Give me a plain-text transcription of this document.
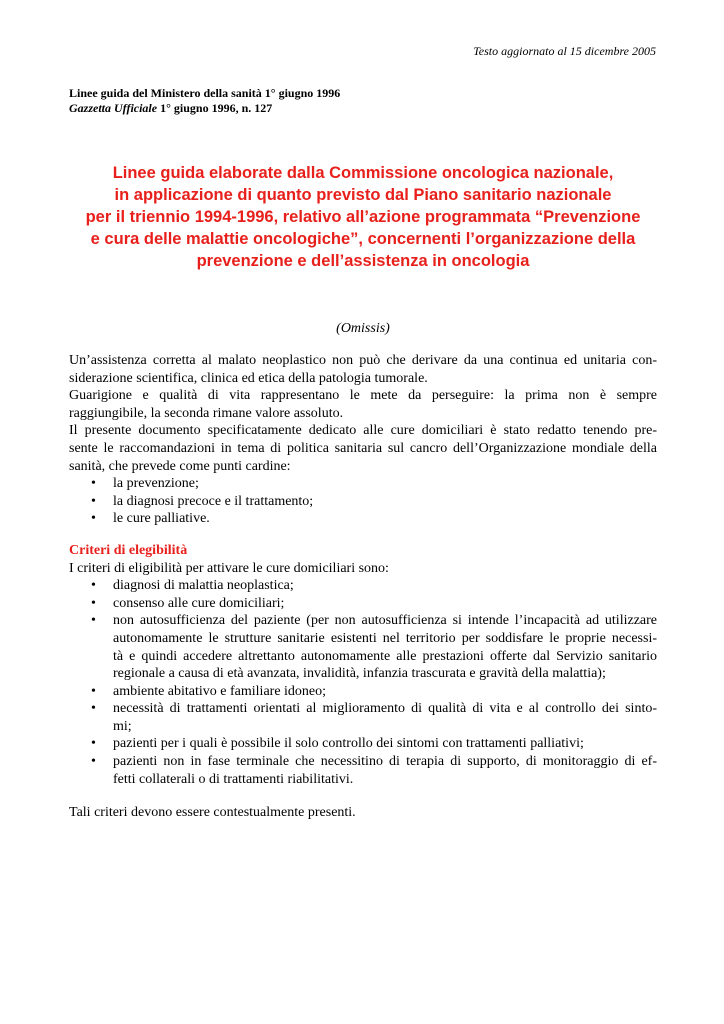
Testo aggiornato al 15 dicembre 2005
Linee guida del Ministero della sanità 1° giugno 1996
Gazzetta Ufficiale 1° giugno 1996, n. 127
Linee guida elaborate dalla Commissione oncologica nazionale,
in applicazione di quanto previsto dal Piano sanitario nazionale
per il triennio 1994-1996, relativo all’azione programmata “Prevenzione
e cura delle malattie oncologiche”, concernenti l’organizzazione della
prevenzione e dell’assistenza in oncologia
(Omissis)

Un’assistenza corretta al malato neoplastico non può che derivare da una continua ed unitaria con-
siderazione scientifica, clinica ed etica della patologia tumorale.

Guarigione e qualità di vita rappresentano le mete da perseguire: la prima non è sempre
raggiungibile, la seconda rimane valore assoluto.

Il presente documento specificatamente dedicato alle cure domiciliari è stato redatto tenendo pre-
sente le raccomandazioni in tema di politica sanitaria sul cancro dell’Organizzazione mondiale della
sanità, che prevede come punti cardine:

• la prevenzione;
• la diagnosi precoce e il trattamento;
• le cure palliative.
Criteri di elegibilità
I criteri di eligibilità per attivare le cure domiciliari sono:
• diagnosi di malattia neoplastica;
• consenso alle cure domiciliari;
• non autosufficienza del paziente (per non autosufficienza si intende l’incapacità ad utilizzare
autonomamente le strutture sanitarie esistenti nel territorio per soddisfare le proprie necessi-
tà e quindi accedere altrettanto autonomamente alle prestazioni offerte dal Servizio sanitario
regionale a causa di età avanzata, invalidità, infanzia trascurata e gravità della malattia);
• ambiente abitativo e familiare idoneo;
• necessità di trattamenti orientati al miglioramento di qualità di vita e al controllo dei sinto-
mi;
• pazienti per i quali è possibile il solo controllo dei sintomi con trattamenti palliativi;
• pazienti non in fase terminale che necessitino di terapia di supporto, di monitoraggio di ef-
fetti collaterali o di trattamenti riabilitativi.
Tali criteri devono essere contestualmente presenti.
